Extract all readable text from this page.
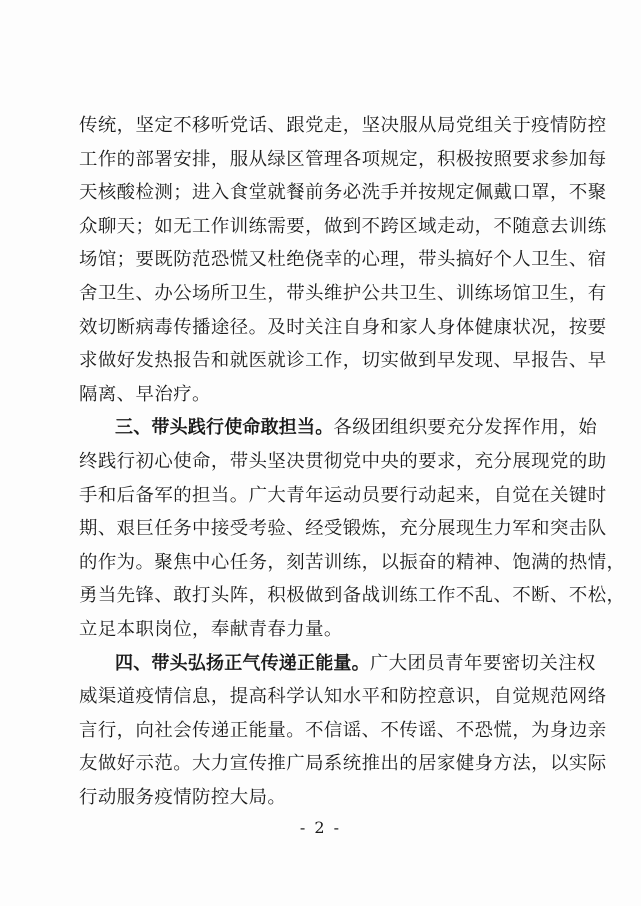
传统，坚定不移听党话、跟党走，坚决服从局党组关于疫情防控
工作的部署安排，服从绿区管理各项规定，积极按照要求参加每
天核酸检测；进入食堂就餐前务必洗手并按规定佩戴口罩，不聚
众聊天；如无工作训练需要，做到不跨区域走动，不随意去训练
场馆；要既防范恐慌又杜绝侥幸的心理，带头搞好个人卫生、宿
舍卫生、办公场所卫生，带头维护公共卫生、训练场馆卫生，有
效切断病毒传播途径。及时关注自身和家人身体健康状况，按要
求做好发热报告和就医就诊工作，切实做到早发现、早报告、早
隔离、早治疗。
三、带头践行使命敢担当。各级团组织要充分发挥作用，始
终践行初心使命，带头坚决贯彻党中央的要求，充分展现党的助
手和后备军的担当。广大青年运动员要行动起来，自觉在关键时
期、艰巨任务中接受考验、经受锻炼，充分展现生力军和突击队
的作为。聚焦中心任务，刻苦训练，以振奋的精神、饱满的热情，
勇当先锋、敢打头阵，积极做到备战训练工作不乱、不断、不松，
立足本职岗位，奉献青春力量。
四、带头弘扬正气传递正能量。广大团员青年要密切关注权
威渠道疫情信息，提高科学认知水平和防控意识，自觉规范网络
言行，向社会传递正能量。不信谣、不传谣、不恐慌，为身边亲
友做好示范。大力宣传推广局系统推出的居家健身方法，以实际
行动服务疫情防控大局。
- 2 -
